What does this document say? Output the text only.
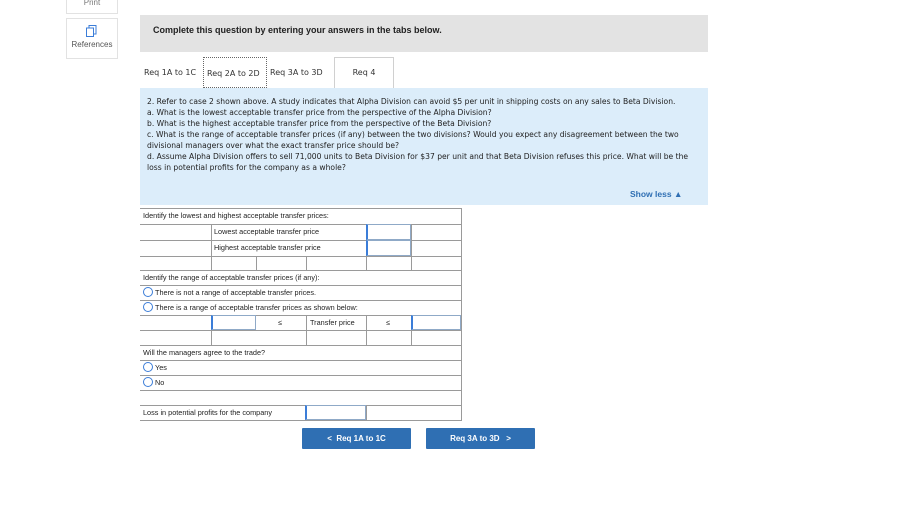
Print
References
Complete this question by entering your answers in the tabs below.
Req 1A to 1C	Req 2A to 2D	Req 3A to 3D	Req 4

2. Refer to case 2 shown above. A study indicates that Alpha Division can avoid $5 per unit in shipping costs on any sales to Beta Division.

a. What is the lowest acceptable transfer price from the perspective of the Alpha Division?

b. What is the highest acceptable transfer price from the perspective of the Beta Division?

c. What is the range of acceptable transfer prices (if any) between the two divisions? Would you expect any disagreement between the two divisional managers over what the exact transfer price should be?

d. Assume Alpha Division offers to sell 71,000 units to Beta Division for $37 per unit and that Beta Division refuses this price. What will be the loss in potential profits for the company as a whole?

Show less ▲
Identify the lowest and highest acceptable transfer prices:
Lowest acceptable transfer price
Highest acceptable transfer price
Identify the range of acceptable transfer prices (if any):
There is not a range of acceptable transfer prices.
There is a range of acceptable transfer prices as shown below:
≤	Transfer price	≤
Will the managers agree to the trade?
Yes
No
Loss in potential profits for the company
< Req 1A to 1C	Req 3A to 3D >
